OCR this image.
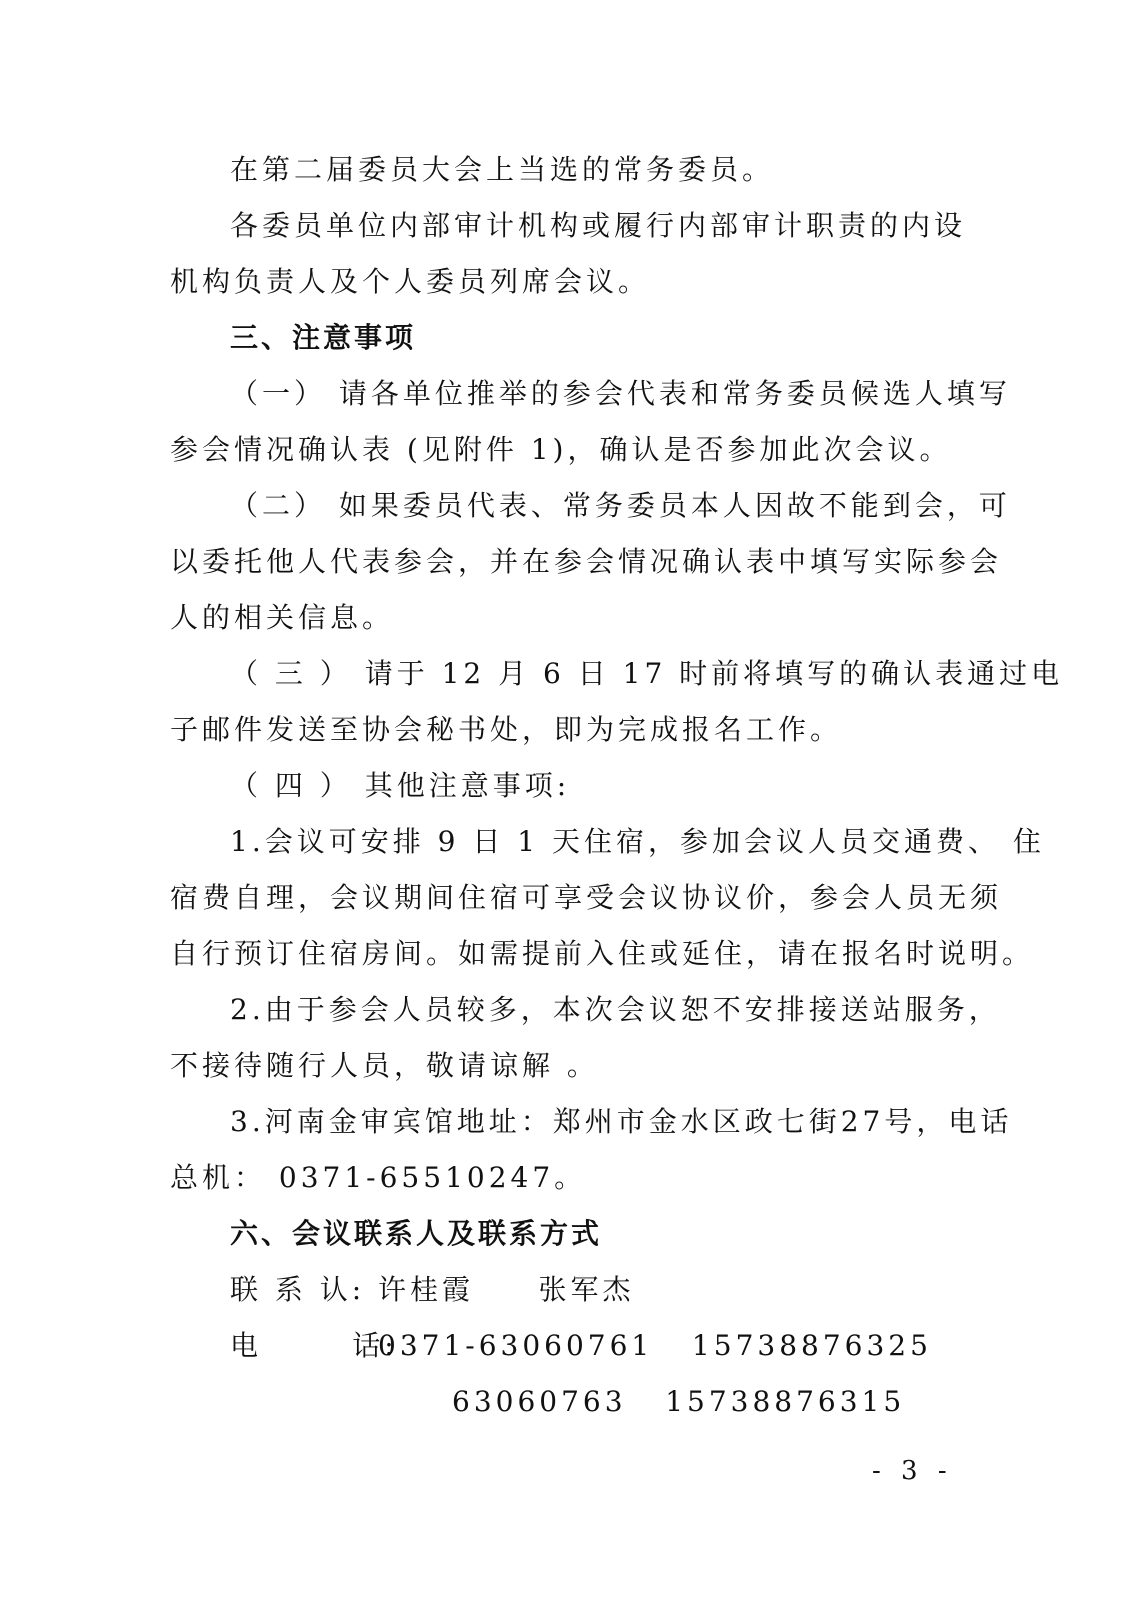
在第二届委员大会上当选的常务委员。
各委员单位内部审计机构或履行内部审计职责的内设
机构负责人及个人委员列席会议。
三、注意事项
（一） 请各单位推举的参会代表和常务委员候选人填写
参会情况确认表 (见附件 1)，确认是否参加此次会议。
（二） 如果委员代表、常务委员本人因故不能到会，可
以委托他人代表参会，并在参会情况确认表中填写实际参会
人的相关信息。
（ 三 ） 请于 12 月 6 日 17 时前将填写的确认表通过电
子邮件发送至协会秘书处，即为完成报名工作。
（ 四 ） 其他注意事项:
1.会议可安排 9 日 1 天住宿，参加会议人员交通费、 住
宿费自理，会议期间住宿可享受会议协议价，参会人员无须
自行预订住宿房间。如需提前入住或延住，请在报名时说明。
2.由于参会人员较多，本次会议恕不安排接送站服务，
不接待随行人员，敬请谅解 。
3.河南金审宾馆地址：郑州市金水区政七街27号，电话
总机： 0371-65510247。
六、会议联系人及联系方式
联 系 认: 许桂霞     张军杰
电       话:
0371-63060761   15738876325
63060763   15738876315
- 3 -
